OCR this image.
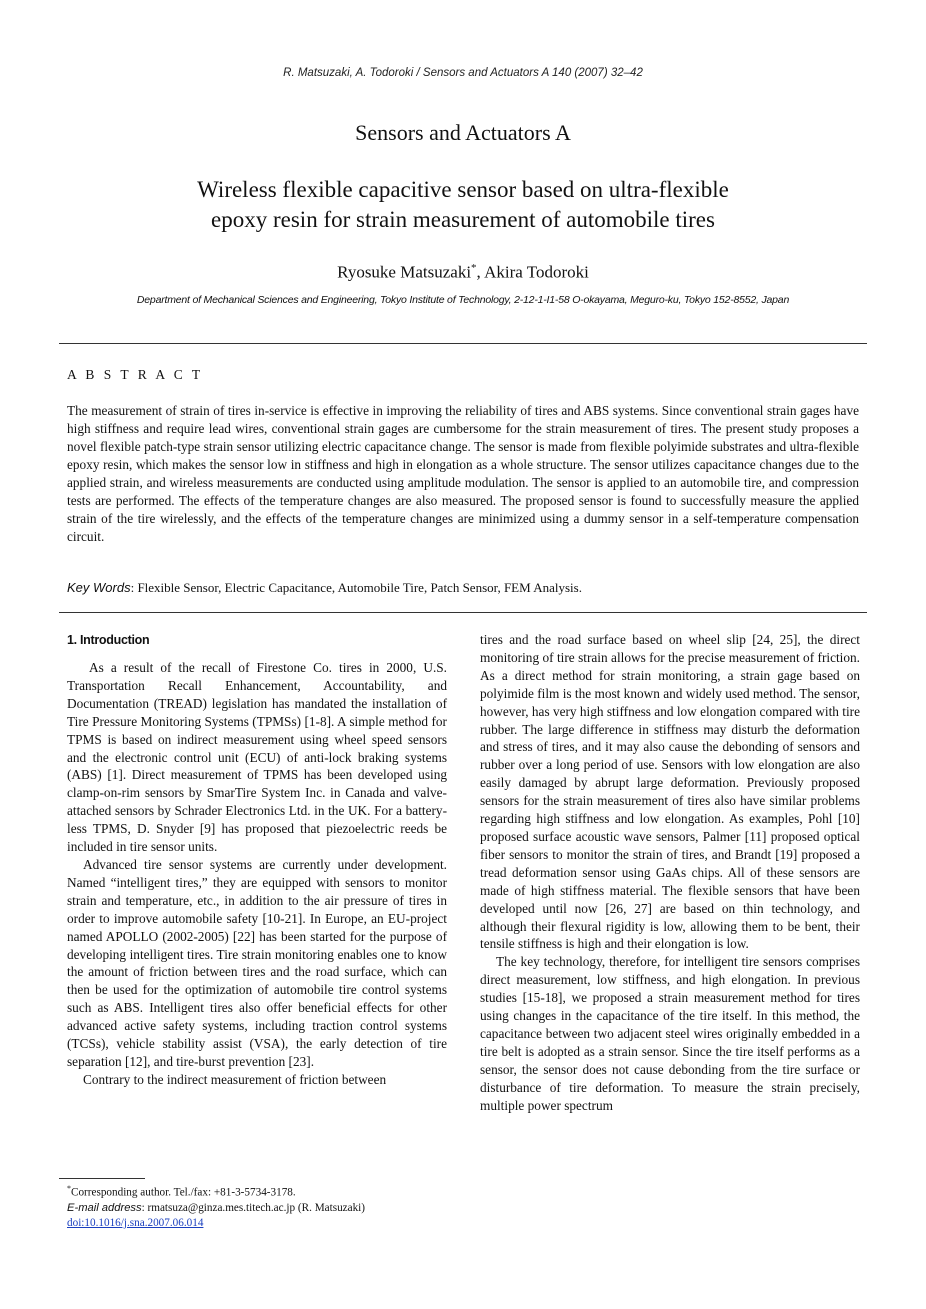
R. Matsuzaki, A. Todoroki / Sensors and Actuators A 140 (2007) 32–42
Sensors and Actuators A
Wireless flexible capacitive sensor based on ultra-flexible
epoxy resin for strain measurement of automobile tires
Ryosuke Matsuzaki*, Akira Todoroki
Department of Mechanical Sciences and Engineering, Tokyo Institute of Technology, 2-12-1-I1-58 O-okayama, Meguro-ku, Tokyo 152-8552, Japan
A B S T R A C T

The measurement of strain of tires in-service is effective in improving the reliability of tires and ABS systems. Since conventional strain gages have high stiffness and require lead wires, conventional strain gages are cumbersome for the strain measurement of tires. The present study proposes a novel flexible patch-type strain sensor utilizing electric capacitance change. The sensor is made from flexible polyimide substrates and ultra-flexible epoxy resin, which makes the sensor low in stiffness and high in elongation as a whole structure. The sensor utilizes capacitance changes due to the applied strain, and wireless measurements are conducted using amplitude modulation. The sensor is applied to an automobile tire, and compression tests are performed. The effects of the temperature changes are also measured. The proposed sensor is found to successfully measure the applied strain of the tire wirelessly, and the effects of the temperature changes are minimized using a dummy sensor in a self-temperature compensation circuit.

Key Words: Flexible Sensor, Electric Capacitance, Automobile Tire, Patch Sensor, FEM Analysis.
1. Introduction

As a result of the recall of Firestone Co. tires in 2000, U.S. Transportation Recall Enhancement, Accountability, and Documentation (TREAD) legislation has mandated the installation of Tire Pressure Monitoring Systems (TPMSs) [1-8]. A simple method for TPMS is based on indirect measurement using wheel speed sensors and the electronic control unit (ECU) of anti-lock braking systems (ABS) [1]. Direct measurement of TPMS has been developed using clamp-on-rim sensors by SmarTire System Inc. in Canada and valve-attached sensors by Schrader Electronics Ltd. in the UK. For a battery-less TPMS, D. Snyder [9] has proposed that piezoelectric reeds be included in tire sensor units.

Advanced tire sensor systems are currently under development. Named “intelligent tires,” they are equipped with sensors to monitor strain and temperature, etc., in addition to the air pressure of tires in order to improve automobile safety [10-21]. In Europe, an EU-project named APOLLO (2002-2005) [22] has been started for the purpose of developing intelligent tires. Tire strain monitoring enables one to know the amount of friction between tires and the road surface, which can then be used for the optimization of automobile tire control systems such as ABS. Intelligent tires also offer beneficial effects for other advanced active safety systems, including traction control systems (TCSs), vehicle stability assist (VSA), the early detection of tire separation [12], and tire-burst prevention [23].

Contrary to the indirect measurement of friction between

tires and the road surface based on wheel slip [24, 25], the direct monitoring of tire strain allows for the precise measurement of friction. As a direct method for strain monitoring, a strain gage based on polyimide film is the most known and widely used method. The sensor, however, has very high stiffness and low elongation compared with tire rubber. The large difference in stiffness may disturb the deformation and stress of tires, and it may also cause the debonding of sensors and rubber over a long period of use. Sensors with low elongation are also easily damaged by abrupt large deformation. Previously proposed sensors for the strain measurement of tires also have similar problems regarding high stiffness and low elongation. As examples, Pohl [10] proposed surface acoustic wave sensors, Palmer [11] proposed optical fiber sensors to monitor the strain of tires, and Brandt [19] proposed a tread deformation sensor using GaAs chips. All of these sensors are made of high stiffness material. The flexible sensors that have been developed until now [26, 27] are based on thin technology, and although their flexural rigidity is low, allowing them to be bent, their tensile stiffness is high and their elongation is low.

The key technology, therefore, for intelligent tire sensors comprises direct measurement, low stiffness, and high elongation. In previous studies [15-18], we proposed a strain measurement method for tires using changes in the capacitance of the tire itself. In this method, the capacitance between two adjacent steel wires originally embedded in a tire belt is adopted as a strain sensor. Since the tire itself performs as a sensor, the sensor does not cause debonding from the tire surface or disturbance of tire deformation. To measure the strain precisely, multiple power spectrum

*Corresponding author. Tel./fax: +81-3-5734-3178.
E-mail address: rmatsuza@ginza.mes.titech.ac.jp (R. Matsuzaki)
doi:10.1016/j.sna.2007.06.014
